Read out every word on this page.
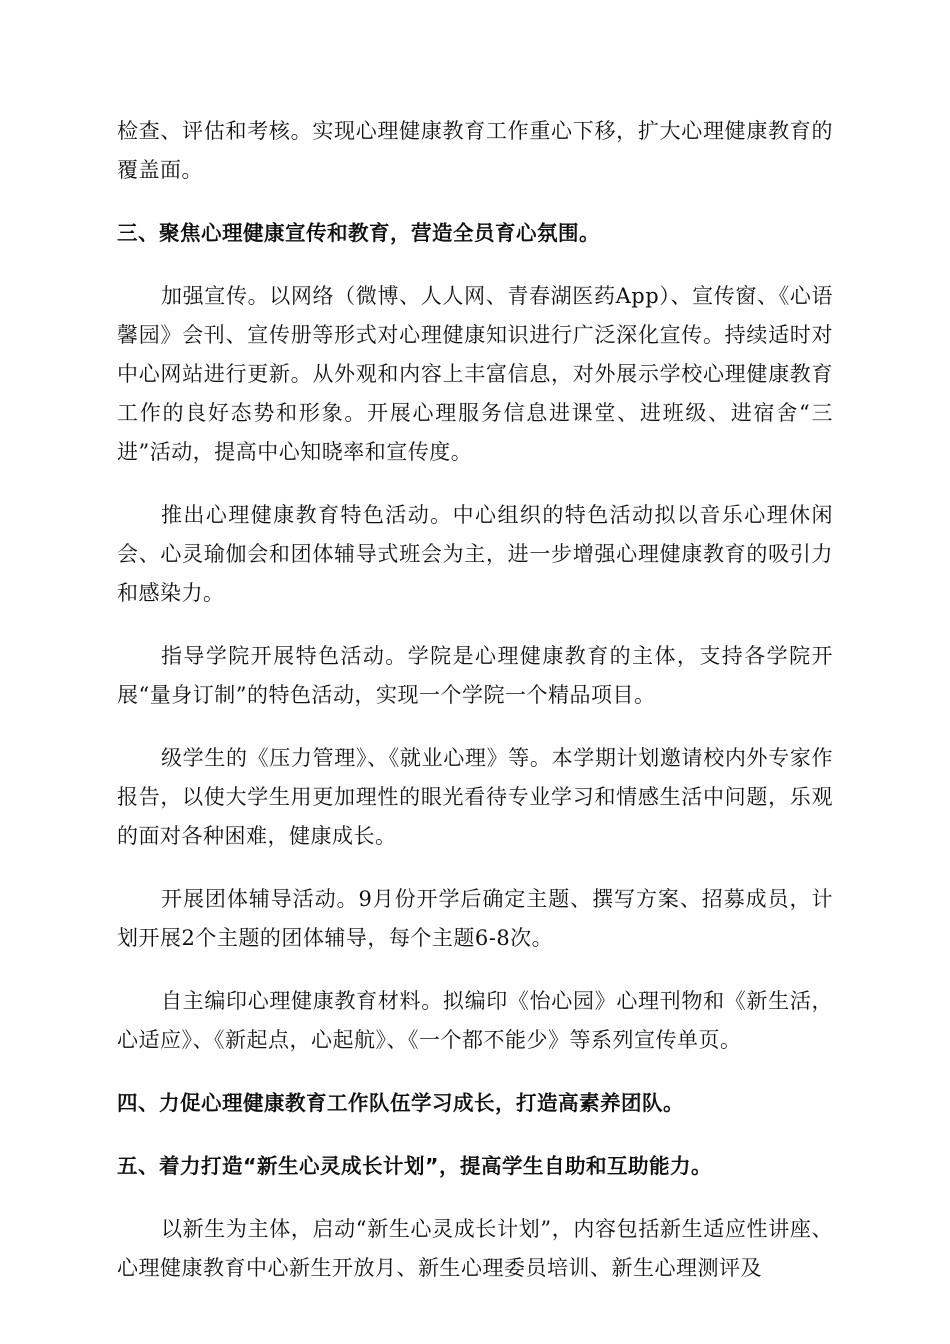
检查、评估和考核。实现心理健康教育工作重心下移，扩大心理健康教育的覆盖面。

三、聚焦心理健康宣传和教育，营造全员育心氛围。

加强宣传。以网络（微博、人人网、青春湖医药App）、宣传窗、《心语馨园》会刊、宣传册等形式对心理健康知识进行广泛深化宣传。持续适时对中心网站进行更新。从外观和内容上丰富信息，对外展示学校心理健康教育工作的良好态势和形象。开展心理服务信息进课堂、进班级、进宿舍“三进”活动，提高中心知晓率和宣传度。

推出心理健康教育特色活动。中心组织的特色活动拟以音乐心理休闲会、心灵瑜伽会和团体辅导式班会为主，进一步增强心理健康教育的吸引力和感染力。

指导学院开展特色活动。学院是心理健康教育的主体，支持各学院开展“量身订制”的特色活动，实现一个学院一个精品项目。

级学生的《压力管理》、《就业心理》等。本学期计划邀请校内外专家作报告，以使大学生用更加理性的眼光看待专业学习和情感生活中问题，乐观的面对各种困难，健康成长。

开展团体辅导活动。9月份开学后确定主题、撰写方案、招募成员，计划开展2个主题的团体辅导，每个主题6-8次。

自主编印心理健康教育材料。拟编印《怡心园》心理刊物和《新生活，心适应》、《新起点，心起航》、《一个都不能少》等系列宣传单页。

四、力促心理健康教育工作队伍学习成长，打造高素养团队。

五、着力打造“新生心灵成长计划”，提高学生自助和互助能力。

以新生为主体，启动“新生心灵成长计划”，内容包括新生适应性讲座、心理健康教育中心新生开放月、新生心理委员培训、新生心理测评及
